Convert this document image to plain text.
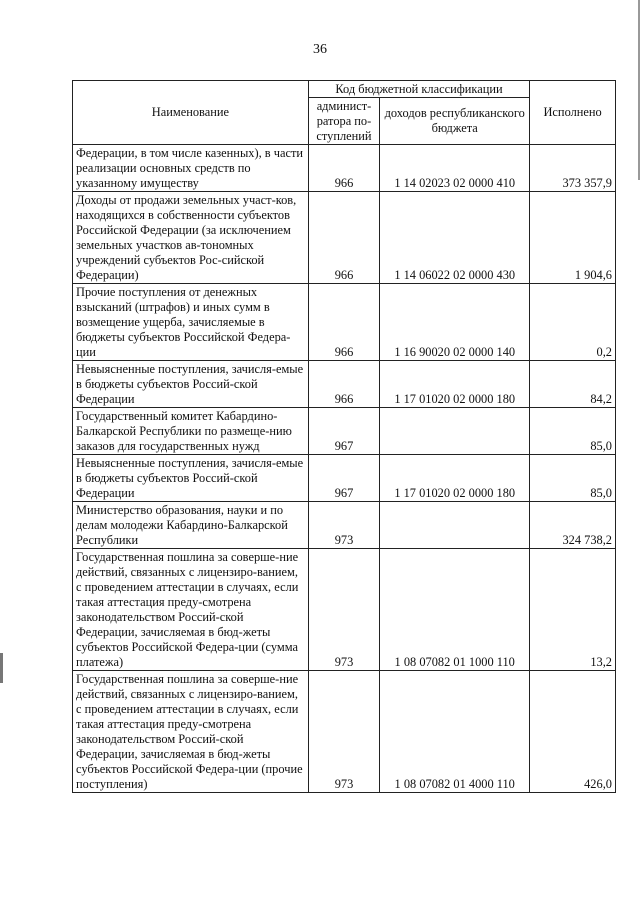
36
Наименование	Код бюджетной классификации		Исполнено
	админист-ратора по-ступлений	доходов республиканского бюджета	
Федерации, в том числе казенных), в части реализации основных средств по указанному имуществу	966	1 14 02023 02 0000 410	373 357,9
Доходы от продажи земельных участ-ков, находящихся в собственности субъектов Российской Федерации (за исключением земельных участков ав-тономных учреждений субъектов Рос-сийской Федерации)	966	1 14 06022 02 0000 430	1 904,6
Прочие поступления от денежных взысканий (штрафов) и иных сумм в возмещение ущерба, зачисляемые в бюджеты субъектов Российской Федера-ции	966	1 16 90020 02 0000 140	0,2
Невыясненные поступления, зачисля-емые в бюджеты субъектов Россий-ской Федерации	966	1 17 01020 02 0000 180	84,2
Государственный комитет Кабардино-Балкарской Республики по размеще-нию заказов для государственных нужд	967		85,0
Невыясненные поступления, зачисля-емые в бюджеты субъектов Россий-ской Федерации	967	1 17 01020 02 0000 180	85,0
Министерство образования, науки и по делам молодежи Кабардино-Балкарской Республики	973		324 738,2
Государственная пошлина за соверше-ние действий, связанных с лицензиро-ванием, с проведением аттестации в случаях, если такая аттестация преду-смотрена законодательством Россий-ской Федерации, зачисляемая в бюд-жеты субъектов Российской Федера-ции (сумма платежа)	973	1 08 07082 01 1000 110	13,2
Государственная пошлина за соверше-ние действий, связанных с лицензиро-ванием, с проведением аттестации в случаях, если такая аттестация преду-смотрена законодательством Россий-ской Федерации, зачисляемая в бюд-жеты субъектов Российской Федера-ции (прочие поступления)	973	1 08 07082 01 4000 110	426,0
